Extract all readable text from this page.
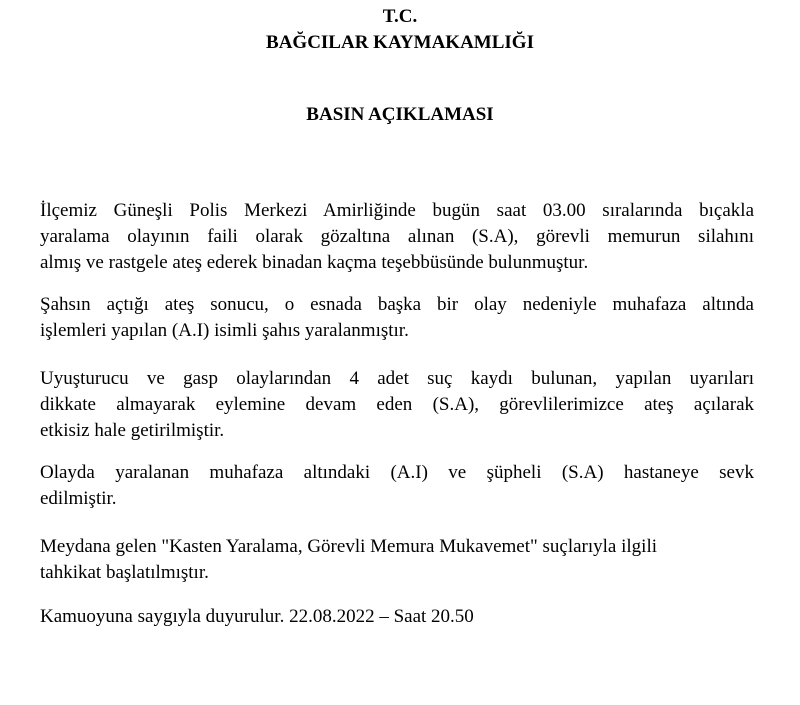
T.C.

BAĞCILAR KAYMAKAMLIĞI

BASIN AÇIKLAMASI

İlçemiz Güneşli Polis Merkezi Amirliğinde bugün saat 03.00 sıralarında bıçakla
yaralama olayının faili olarak gözaltına alınan (S.A), görevli memurun silahını
almış ve rastgele ateş ederek binadan kaçma teşebbüsünde bulunmuştur.
Şahsın açtığı ateş sonucu, o esnada başka bir olay nedeniyle muhafaza altında
işlemleri yapılan (A.I) isimli şahıs yaralanmıştır.
Uyuşturucu ve gasp olaylarından 4 adet suç kaydı bulunan, yapılan uyarıları
dikkate almayarak eylemine devam eden (S.A), görevlilerimizce ateş açılarak
etkisiz hale getirilmiştir.
Olayda yaralanan muhafaza altındaki (A.I) ve şüpheli (S.A) hastaneye sevk
edilmiştir.
Meydana gelen "Kasten Yaralama, Görevli Memura Mukavemet" suçlarıyla ilgili
tahkikat başlatılmıştır.
Kamuoyuna saygıyla duyurulur. 22.08.2022 – Saat 20.50
